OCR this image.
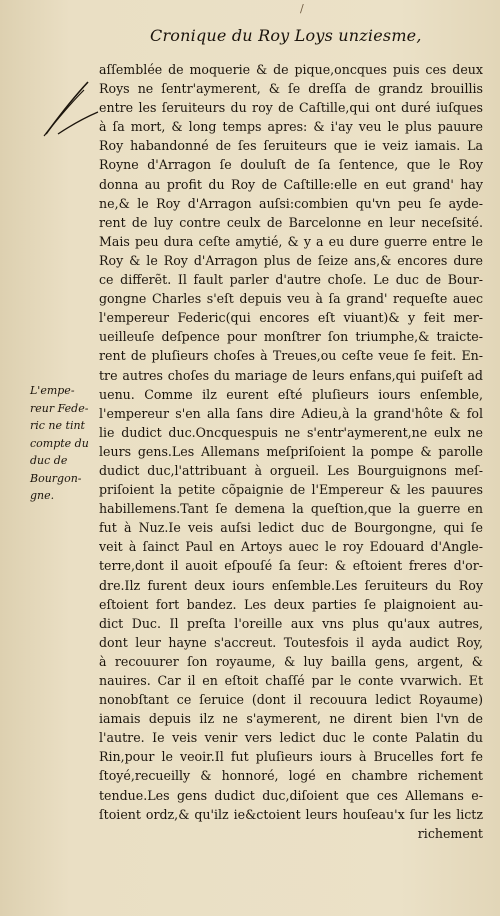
/
Cronique du Roy Loys unziesme,
L'empe-
reur Fede-
ric ne tint
compte du
duc de
Bourgon-
gne.
aſſemblée de moquerie & de pique,oncques puis ces deux
Roys ne ſentr'aymerent, & ſe dreſſa de grandz brouillis
entre les ſeruiteurs du roy de Caſtille,qui ont duré iuſques
à ſa mort, & long temps apres: & i'ay veu le plus pauure
Roy habandonné de ſes ſeruiteurs que ie veiz iamais. La
Royne d'Arragon ſe douluſt de ſa ſentence, que le Roy
donna au profit du Roy de Caſtille:elle en eut grand' hay
ne,& le Roy d'Arragon auſsi:combien qu'vn peu ſe ayde-
rent de luy contre ceulx de Barcelonne en leur neceſsité.
Mais peu dura ceſte amytié, & y a eu dure guerre entre le
Roy & le Roy d'Arragon plus de ſeize ans,& encores dure
ce differẽt. Il fault parler d'autre choſe. Le duc de Bour-
gongne Charles s'eſt depuis veu à ſa grand' requeſte auec
l'empereur Federic(qui encores eſt viuant)& y feit mer-
ueilleuſe deſpence pour monſtrer ſon triumphe,& traicte-
rent de pluſieurs choſes à Treues,ou ceſte veue ſe feit. En-
tre autres choſes du mariage de leurs enfans,qui puiſeſt ad
uenu. Comme ilz eurent eſté pluſieurs iours enſemble,
l'empereur s'en alla ſans dire Adieu,à la grand'hôte & fol
lie dudict duc.Oncquespuis ne s'entr'aymerent,ne eulx ne
leurs gens.Les Allemans meſpriſoient la pompe & parolle
dudict duc,l'attribuant à orgueil. Les Bourguignons meſ-
priſoient la petite cõpaignie de l'Empereur & les pauures
habillemens.Tant ſe demena la queſtion,que la guerre en
fut à Nuz.Ie veis auſsi ledict duc de Bourgongne, qui ſe
veit à ſainct Paul en Artoys auec le roy Edouard d'Angle-
terre,dont il auoit eſpouſé ſa ſeur: & eſtoient freres d'or-
dre.Ilz furent deux iours enſemble.Les ſeruiteurs du Roy
eſtoient fort bandez. Les deux parties ſe plaignoient au-
dict Duc. Il preſta l'oreille aux vns plus qu'aux autres,
dont leur hayne s'accreut. Toutesfois il ayda audict Roy,
à recouurer ſon royaume, & luy bailla gens, argent, &
nauires. Car il en eſtoit chaſſé par le conte vvarwich. Et
nonobſtant ce ſeruice (dont il recouura ledict Royaume)
iamais depuis ilz ne s'aymerent, ne dirent bien l'vn de
l'autre. Ie veis venir vers ledict duc le conte Palatin du
Rin,pour le veoir.Il fut pluſieurs iours à Brucelles fort fe
ſtoyé,recueilly & honnoré, logé en chambre richement
tendue.Les gens dudict duc,diſoient que ces Allemans e-
ſtoient ordz,& qu'ilz ie&ctoient leurs houſeau'x ſur les lictz
richement
